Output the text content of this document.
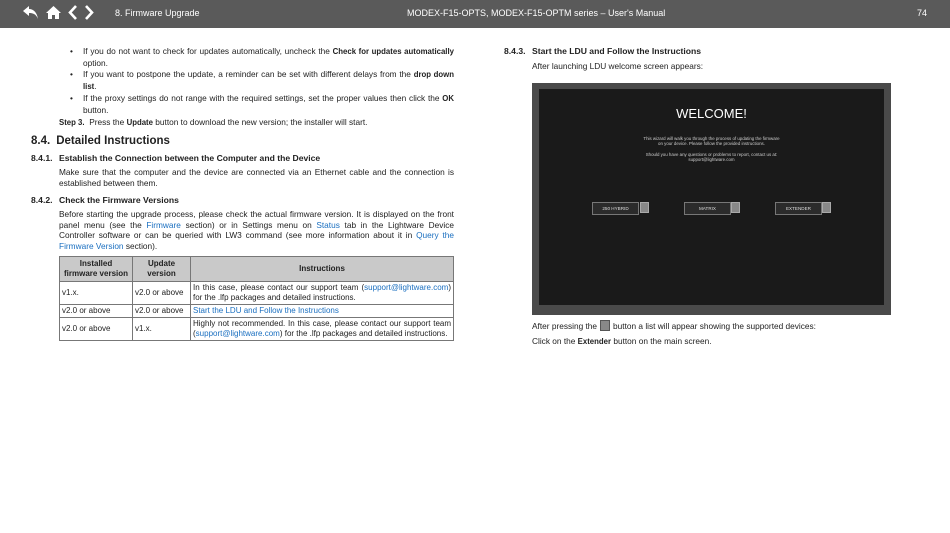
8. Firmware Upgrade	MODEX-F15-OPTS, MODEX-F15-OPTM series – User's Manual	74
• If you do not want to check for updates automatically, uncheck the Check for updates automatically option.
• If you want to postpone the update, a reminder can be set with different delays from the drop down list.
• If the proxy settings do not range with the required settings, set the proper values then click the OK button.
Step 3. Press the Update button to download the new version; the installer will start.
8.4. Detailed Instructions
8.4.1. Establish the Connection between the Computer and the Device

Make sure that the computer and the device are connected via an Ethernet cable and the connection is established between them.

8.4.2. Check the Firmware Versions

Before starting the upgrade process, please check the actual firmware version. It is displayed on the front panel menu (see the Firmware section) or in Settings menu on Status tab in the Lightware Device Controller software or can be queried with LW3 command (see more information about it in Query the Firmware Version section).

Installed firmware version	Update version	Instructions
v1.x.	v2.0 or above	In this case, please contact our support team (support@lightware.com) for the .lfp packages and detailed instructions.
v2.0 or above	v2.0 or above	Start the LDU and Follow the Instructions
v2.0 or above	v1.x.	Highly not recommended. In this case, please contact our support team (support@lightware.com) for the .lfp packages and detailed instructions.
8.4.3. Start the LDU and Follow the Instructions

After launching LDU welcome screen appears:

WELCOME!
This wizard will walk you through the process of updating the firmware
on your device. Please follow the provided instructions.
Should you have any questions or problems to report, contact us at:
support@lightware.com
250 HYBRID	MATRIX	EXTENDER

After pressing the button a list will appear showing the supported devices:

Click on the Extender button on the main screen.
